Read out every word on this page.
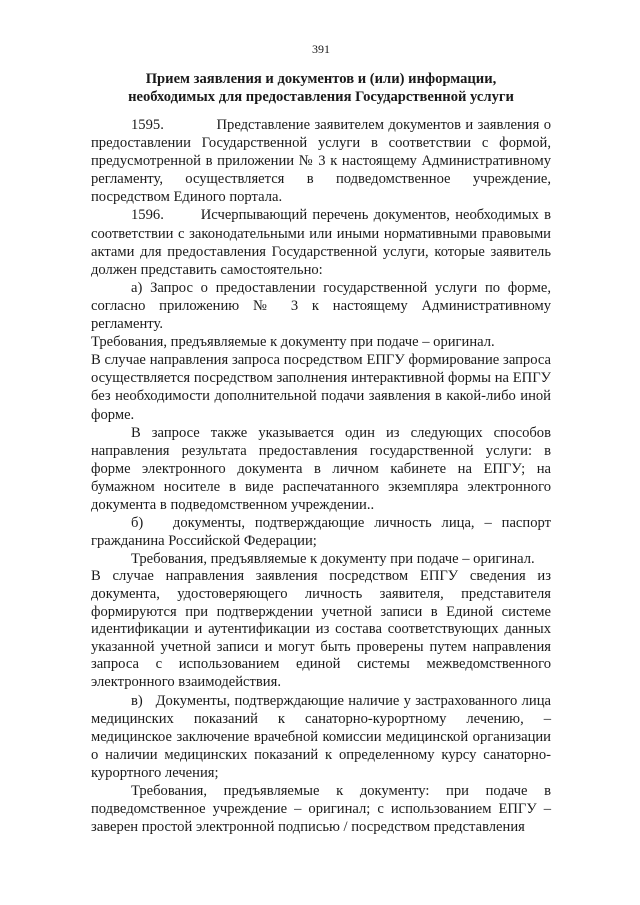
391
Прием заявления и документов и (или) информации,
необходимых для предоставления Государственной услуги

1595.            Представление заявителем документов и заявления о предоставлении Государственной услуги в соответствии с формой, предусмотренной в приложении № 3 к настоящему Административному регламенту, осуществляется в подведомственное учреждение, посредством Единого портала.

1596.       Исчерпывающий перечень документов, необходимых в соответствии с законодательными или иными нормативными правовыми актами для предоставления Государственной услуги, которые заявитель должен представить самостоятельно:

а) Запрос о предоставлении государственной услуги по форме, согласно приложению № 3 к настоящему Административному регламенту.

Требования, предъявляемые к документу при подаче – оригинал.

В случае направления запроса посредством ЕПГУ формирование запроса осуществляется посредством заполнения интерактивной формы на ЕПГУ без необходимости дополнительной подачи заявления в какой-либо иной форме.

В запросе также указывается один из следующих способов направления результата предоставления государственной услуги: в форме электронного документа в личном кабинете на ЕПГУ; на бумажном носителе в виде распечатанного экземпляра электронного документа в подведомственном учреждении..

б)   документы, подтверждающие личность лица, – паспорт гражданина Российской Федерации;

Требования, предъявляемые к документу при подаче – оригинал.

В случае направления заявления посредством ЕПГУ сведения из документа, удостоверяющего личность заявителя, представителя формируются при подтверждении учетной записи в Единой системе идентификации и аутентификации из состава соответствующих данных указанной учетной записи и могут быть проверены путем направления запроса с использованием единой системы межведомственного электронного взаимодействия.

в)   Документы, подтверждающие наличие у застрахованного лица медицинских показаний к санаторно-курортному лечению, – медицинское заключение врачебной комиссии медицинской организации о наличии медицинских показаний к определенному курсу санаторно-курортного лечения;

Требования, предъявляемые к документу: при подаче в подведомственное учреждение – оригинал; с использованием ЕПГУ – заверен простой электронной подписью / посредством представления
